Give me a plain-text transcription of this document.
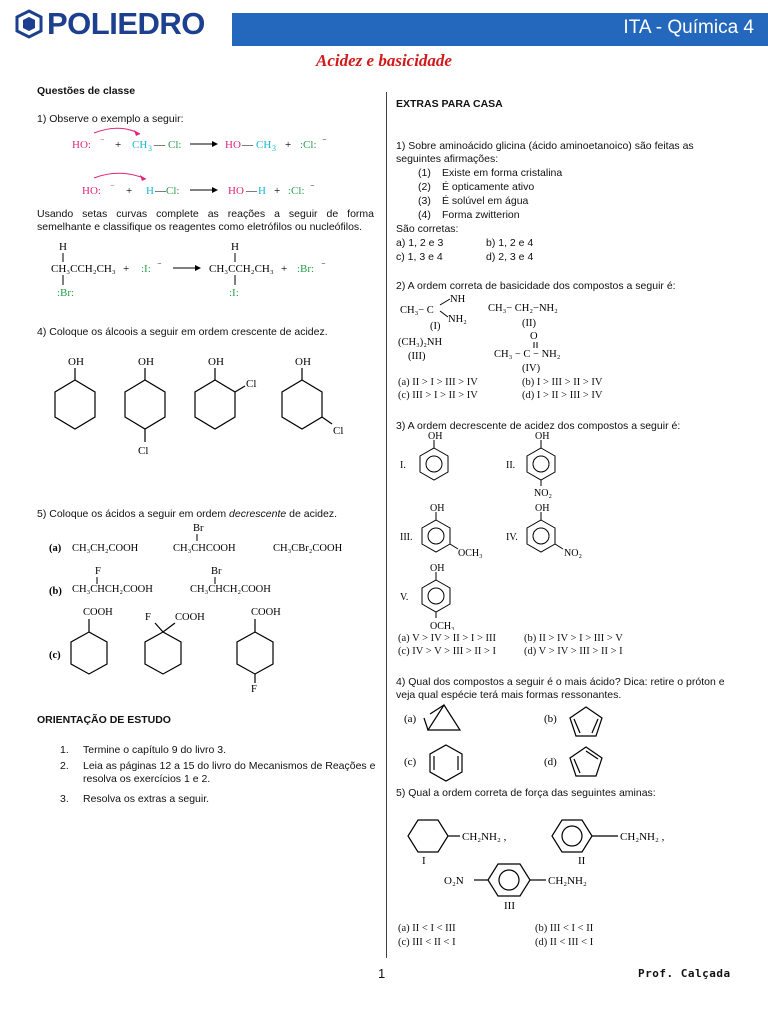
POLIEDRO	ITA - Química 4
Acidez e basicidade
Questões de classe
1) Observe o exemplo a seguir:
HO: ⁻ + CH 3 — Cl:	HO — CH 3 + :Cl: ⁻
HO: ⁻ + H — Cl:	HO — H + :Cl: ⁻
Usando setas curvas complete as reações a seguir de forma semelhante e classifique os reagentes como eletrófilos ou nucleófilos.
H
CH₃CCH₂CH₃ + :I: ⁻
:Br:
H
CH₃CCH₂CH₃ + :Br: ⁻
:I:
4) Coloque os álcoois a seguir em ordem crescente de acidez.
OH	OH
Cl
OH
Cl
OH
Cl
5) Coloque os ácidos a seguir em ordem decrescente de acidez.
(a) CH₃CH₂COOH
Br
CH₃CHCOOH	CH₃CBr₂COOH
(b)
F
CH₃CHCH₂COOH
Br
CH₃CHCH₂COOH
(c)
COOH	F COOH	COOH
F
ORIENTAÇÃO DE ESTUDO
1. Termine o capítulo 9 do livro 3.
2. Leia as páginas 12 a 15 do livro do Mecanismos de Reações e resolva os exercícios 1 e 2.
3. Resolva os extras a seguir.
EXTRAS PARA CASA
1) Sobre aminoácido glicina (ácido aminoetanoico) são feitas as seguintes afirmações:
(1) Existe em forma cristalina
(2) É opticamente ativo
(3) É solúvel em água
(4) Forma zwitterion
São corretas:
a) 1, 2 e 3	b) 1, 2 e 4
c) 1, 3 e 4	d) 2, 3 e 4
2) A ordem correta de basicidade dos compostos a seguir é:
CH₃− C
NH
NH₂
(I)
CH₃− CH₂−NH₂
(II)
(CH₃)₂NH
(III)
O
CH₃ − C − NH₂
(IV)
(a) II > I > III > IV	(b) I > III > II > IV
(c) III > I > II > IV	(d) I > II > III > IV
3) A ordem decrescente de acidez dos compostos a seguir é:
I.
OH
II.
OH
NO₂
III.
OH
OCH₃
IV.
OH
NO₂
V.
OH
OCH₃
(a) V > IV > II > I > III	(b) II > IV > I > III > V
(c) IV > V > III > II > I	(d) V > IV > III > II > I
4) Qual dos compostos a seguir é o mais ácido? Dica: retire o próton e veja qual espécie terá mais formas ressonantes.
(a)	(b)
(c)	(d)
5) Qual a ordem correta de força das seguintes aminas:
CH₂NH₂ ,
I
CH₂NH₂ ,
II
O₂N	CH₂NH₂
III
(a) II < I < III	(b) III < I < II
(c) III < II < I	(d) II < III < I
1	Prof. Calçada
